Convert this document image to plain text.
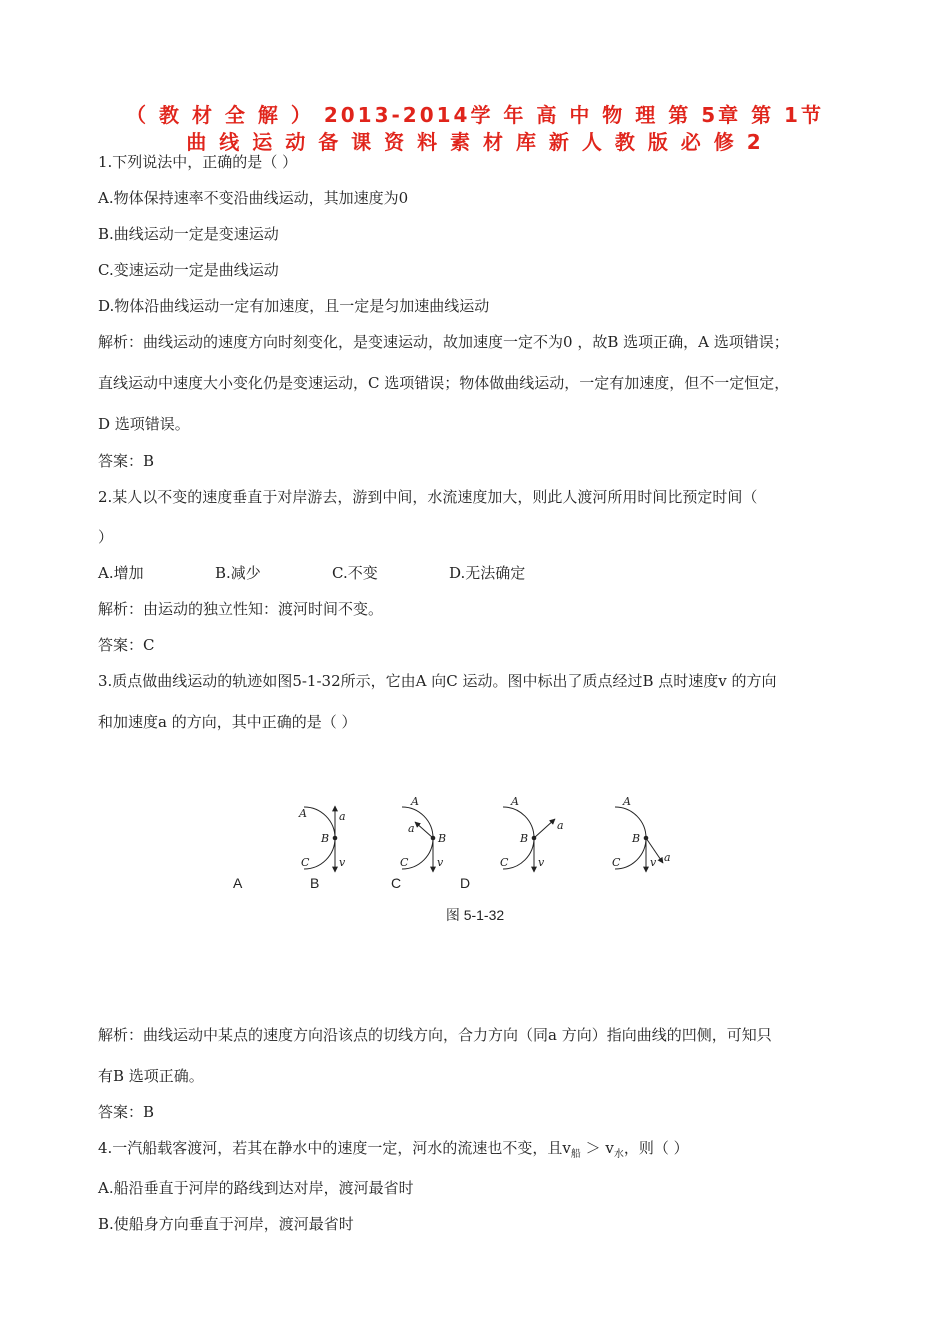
（ 教 材 全 解 ） 2013-2014学 年 高 中 物 理 第 5章 第 1节
曲 线 运 动 备 课 资 料 素 材 库 新 人 教 版 必 修 2
1.下列说法中，正确的是（ ）
A.物体保持速率不变沿曲线运动，其加速度为0
B.曲线运动一定是变速运动
C.变速运动一定是曲线运动
D.物体沿曲线运动一定有加速度，且一定是匀加速曲线运动
解析：曲线运动的速度方向时刻变化，是变速运动，故加速度一定不为0 ，故B 选项正确，A 选项错误；
直线运动中速度大小变化仍是变速运动，C 选项错误；物体做曲线运动，一定有加速度，但不一定恒定，
D 选项错误。
答案：B
2.某人以不变的速度垂直于对岸游去，游到中间，水流速度加大，则此人渡河所用时间比预定时间（
）
A.增加	B.减少	C.不变	D.无法确定
解析：由运动的独立性知：渡河时间不变。
答案：C
3.质点做曲线运动的轨迹如图5-1-32所示，它由A 向C 运动。图中标出了质点经过B 点时速度v 的方向
和加速度a 的方向，其中正确的是（ ）
A
B
C
a
v
A
B
C
a
v
A
B
C
a
v
A
B
C	a
v
A	B	C	D
图 5-1-32
解析：曲线运动中某点的速度方向沿该点的切线方向，合力方向（同a 方向）指向曲线的凹侧，可知只
有B 选项正确。
答案：B
4.一汽船载客渡河，若其在静水中的速度一定，河水的流速也不变，且$v_船 > v_水$，则（ ）
A.船沿垂直于河岸的路线到达对岸，渡河最省时
B.使船身方向垂直于河岸，渡河最省时
